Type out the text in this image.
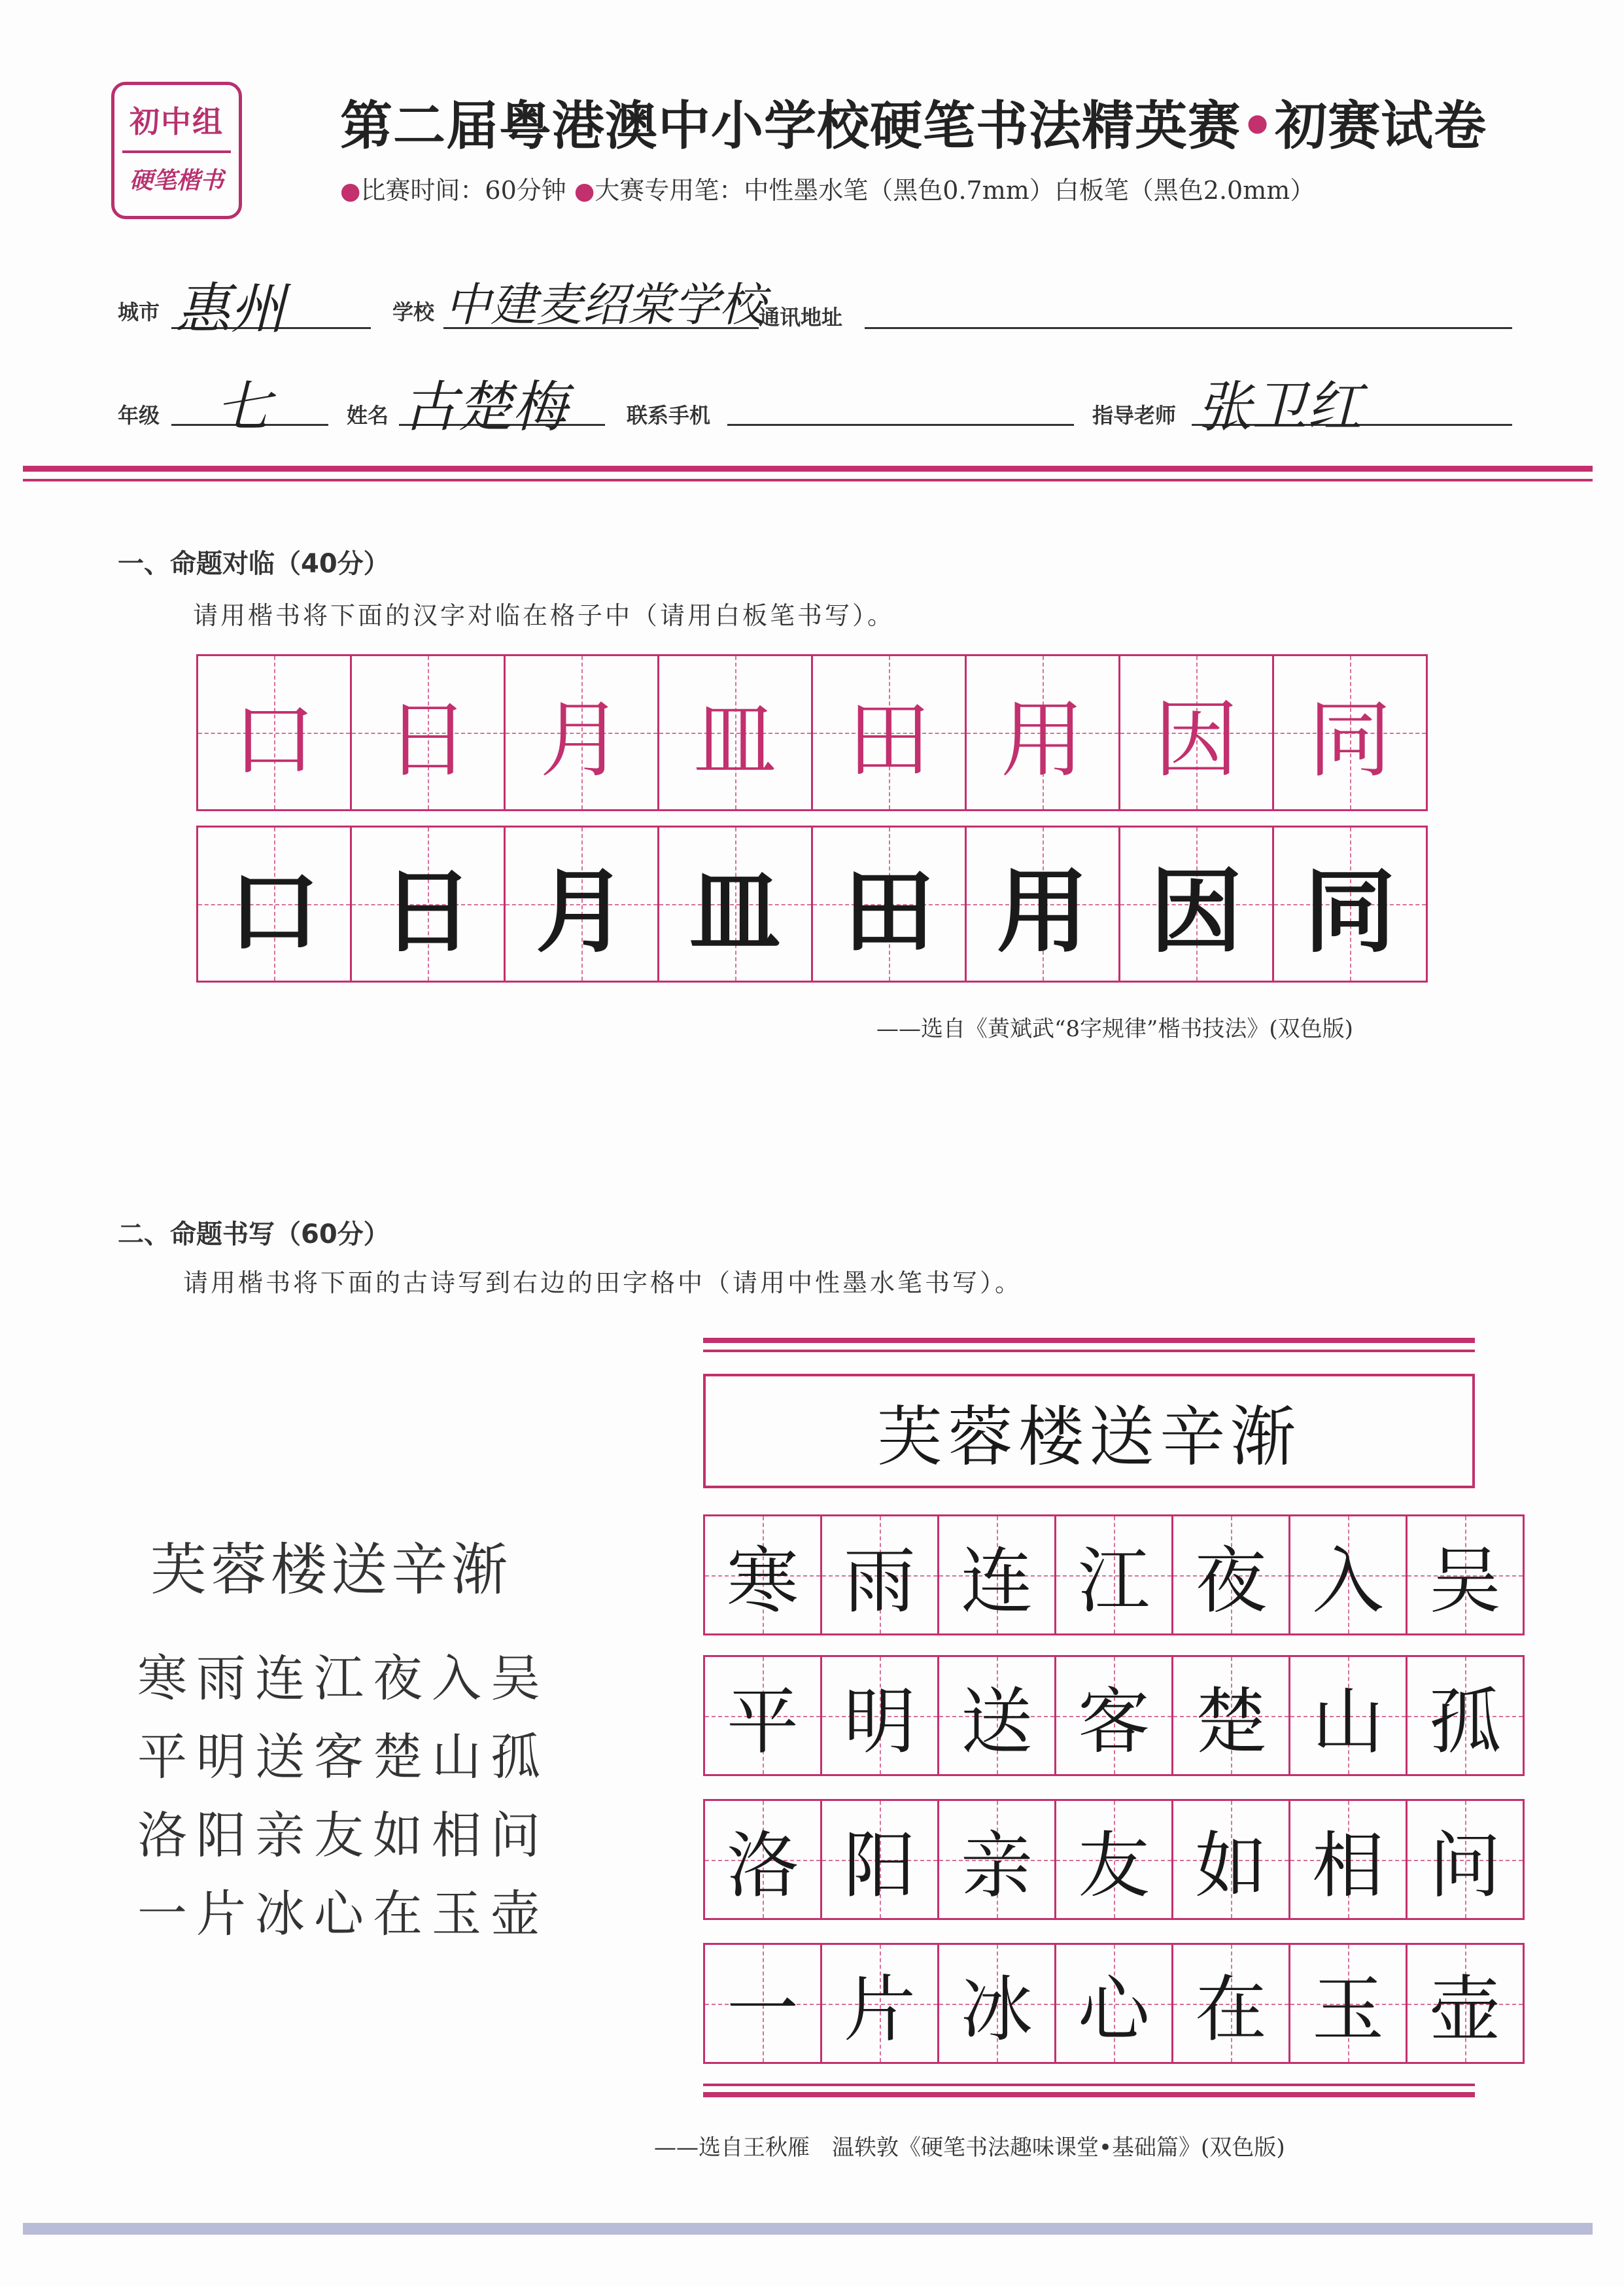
初中组
硬笔楷书
第二届粤港澳中小学校硬笔书法精英赛•初赛试卷
●比赛时间：60分钟 ●大赛专用笔：中性墨水笔（黑色0.7mm）白板笔（黑色2.0mm）
城市 惠州	学校 中建麦绍棠学校
通讯地址
年级 七	姓名 古楚梅	联系手机	指导老师 张卫红
一、命题对临（40分）
请用楷书将下面的汉字对临在格子中（请用白板笔书写）。
口 日 月 皿 田 用 因 同
口 日 月 皿 田 用 因 同
——选自《黄斌武“8字规律”楷书技法》(双色版)
二、命题书写（60分）
请用楷书将下面的古诗写到右边的田字格中（请用中性墨水笔书写）。
芙蓉楼送辛渐
寒雨连江夜入吴
平明送客楚山孤
洛阳亲友如相问
一片冰心在玉壶
芙蓉楼送辛渐
寒 雨 连 江 夜 入 吴
平 明 送 客 楚 山 孤
洛 阳 亲 友 如 相 问
一 片 冰 心 在 玉 壶
——选自王秋雁　温轶敦《硬笔书法趣味课堂•基础篇》(双色版)
